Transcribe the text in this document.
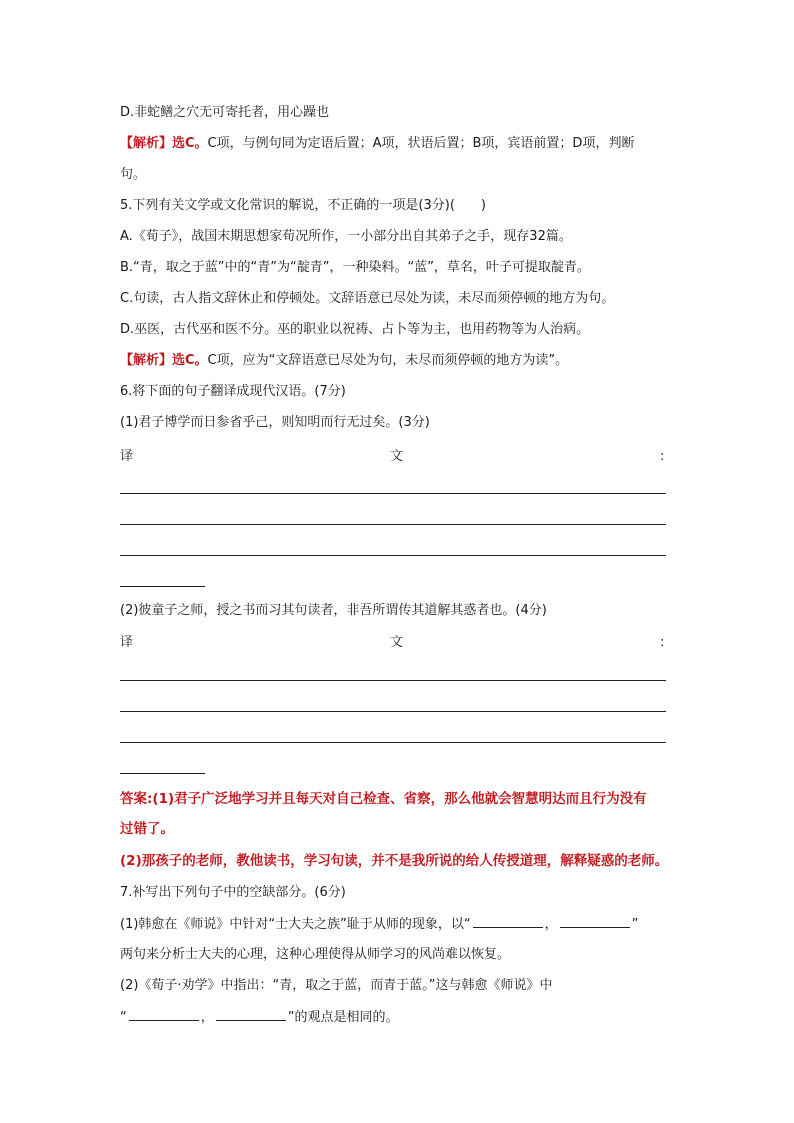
D.非蛇鳝之穴无可寄托者，用心躁也
【解析】选C。C项，与例句同为定语后置；A项，状语后置；B项，宾语前置；D项，判断
句。
5.下列有关文学或文化常识的解说，不正确的一项是(3分)(　　)
A.《荀子》，战国末期思想家荀况所作，一小部分出自其弟子之手，现存32篇。
B.“青，取之于蓝”中的“青”为“靛青”，一种染料。“蓝”，草名，叶子可提取靛青。
C.句读，古人指文辞休止和停顿处。文辞语意已尽处为读，未尽而须停顿的地方为句。
D.巫医，古代巫和医不分。巫的职业以祝祷、占卜等为主，也用药物等为人治病。
【解析】选C。C项，应为“文辞语意已尽处为句，未尽而须停顿的地方为读”。
6.将下面的句子翻译成现代汉语。(7分)
(1)君子博学而日参省乎己，则知明而行无过矣。(3分)
译	文	:
(2)彼童子之师，授之书而习其句读者，非吾所谓传其道解其惑者也。(4分)
译	文	:
答案:(1)君子广泛地学习并且每天对自己检查、省察，那么他就会智慧明达而且行为没有
过错了。
(2)那孩子的老师，教他读书，学习句读，并不是我所说的给人传授道理，解释疑惑的老师。
7.补写出下列句子中的空缺部分。(6分)
(1)韩愈在《师说》中针对“士大夫之族”耻于从师的现象，以“	，	”
两句来分析士大夫的心理，这种心理使得从师学习的风尚难以恢复。
(2)《荀子·劝学》中指出：“青，取之于蓝，而青于蓝。”这与韩愈《师说》中
“	，	”的观点是相同的。
